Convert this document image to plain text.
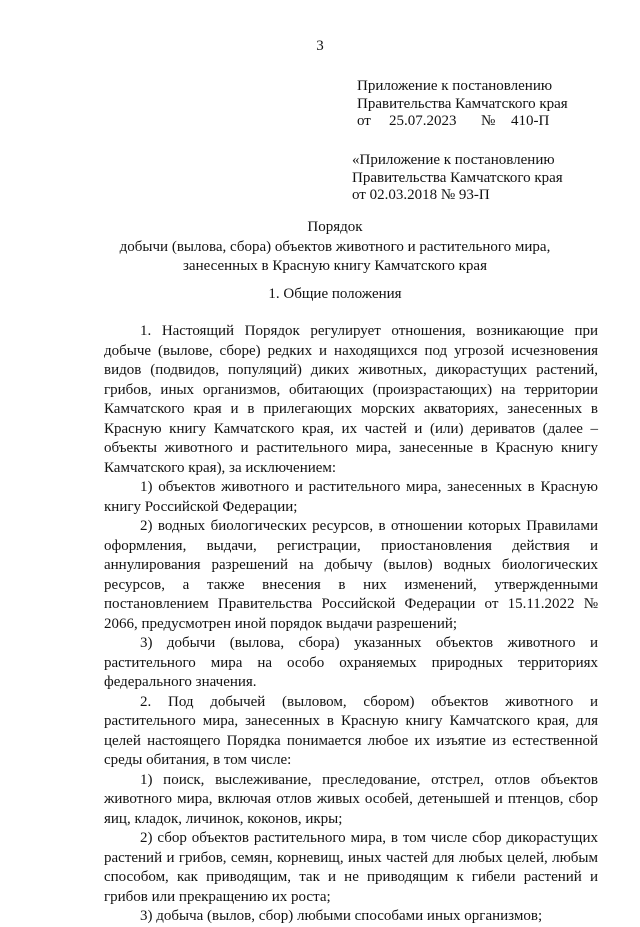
3
Приложение к постановлению
Правительства Камчатского края
от 25.07.2023 № 410-П
«Приложение к постановлению
Правительства Камчатского края
от 02.03.2018 № 93-П
Порядок
добычи (вылова, сбора) объектов животного и растительного мира,
занесенных в Красную книгу Камчатского края
1. Общие положения

1. Настоящий Порядок регулирует отношения, возникающие при добыче (вылове, сборе) редких и находящихся под угрозой исчезновения видов (подвидов, популяций) диких животных, дикорастущих растений, грибов, иных организмов, обитающих (произрастающих) на территории Камчатского края и в прилегающих морских акваториях, занесенных в Красную книгу Камчатского края, их частей и (или) дериватов (далее – объекты животного и растительного мира, занесенные в Красную книгу Камчатского края), за исключением:

1) объектов животного и растительного мира, занесенных в Красную книгу Российской Федерации;

2) водных биологических ресурсов, в отношении которых Правилами оформления, выдачи, регистрации, приостановления действия и аннулирования разрешений на добычу (вылов) водных биологических ресурсов, а также внесения в них изменений, утвержденными постановлением Правительства Российской Федерации от 15.11.2022 № 2066, предусмотрен иной порядок выдачи разрешений;

3) добычи (вылова, сбора) указанных объектов животного и растительного мира на особо охраняемых природных территориях федерального значения.

2. Под добычей (выловом, сбором) объектов животного и растительного мира, занесенных в Красную книгу Камчатского края, для целей настоящего Порядка понимается любое их изъятие из естественной среды обитания, в том числе:

1) поиск, выслеживание, преследование, отстрел, отлов объектов животного мира, включая отлов живых особей, детенышей и птенцов, сбор яиц, кладок, личинок, коконов, икры;

2) сбор объектов растительного мира, в том числе сбор дикорастущих растений и грибов, семян, корневищ, иных частей для любых целей, любым способом, как приводящим, так и не приводящим к гибели растений и грибов или прекращению их роста;

3) добыча (вылов, сбор) любыми способами иных организмов;
